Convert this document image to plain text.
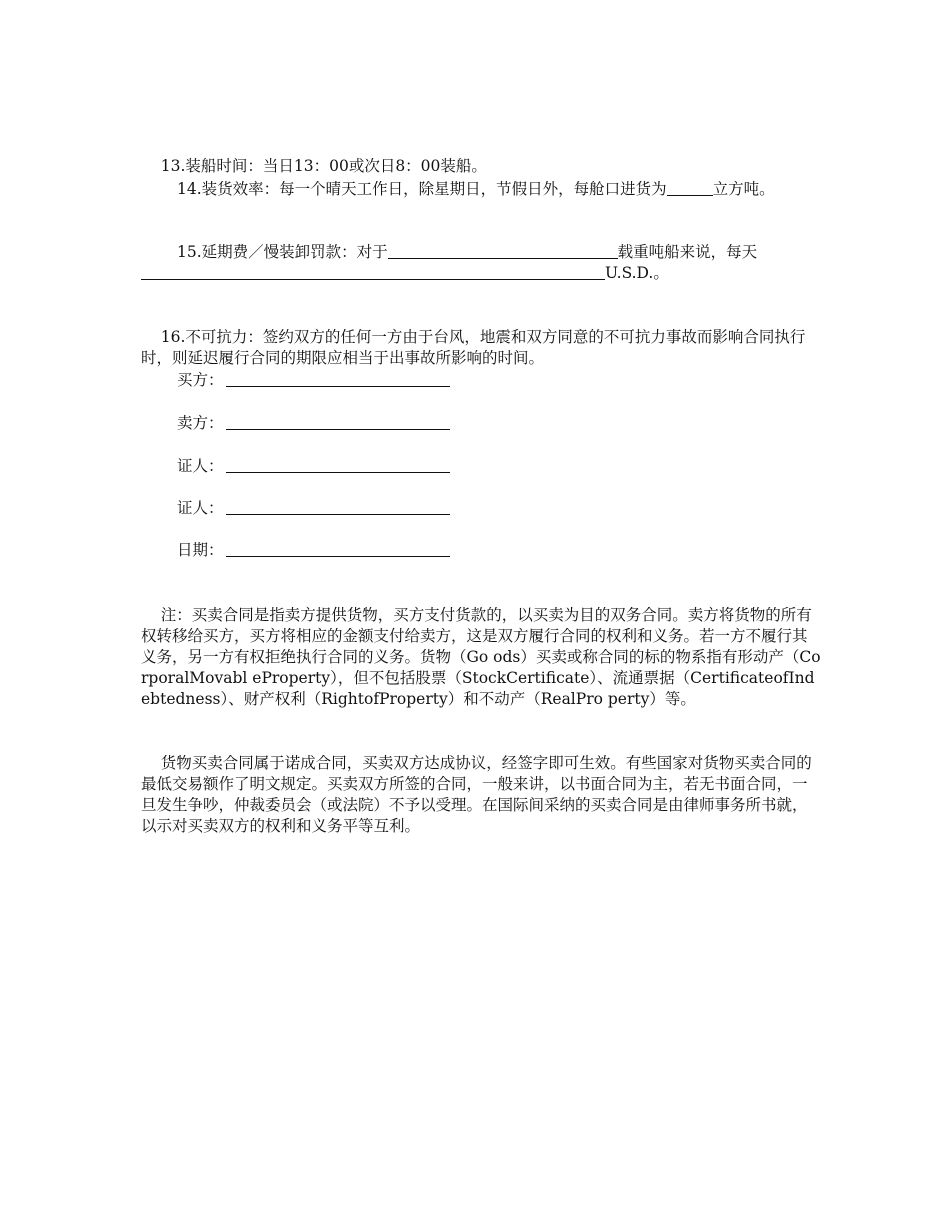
13.装船时间：当日13：00或次日8：00装船。

14.装货效率：每一个晴天工作日，除星期日，节假日外，每舱口进货为	立方吨。
15.延期费／慢装卸罚款：对于	载重吨船来说，每天U.S.D.。

16.不可抗力：签约双方的任何一方由于台风，地震和双方同意的不可抗力事故而影响合同执行时，则延迟履行合同的期限应相当于出事故所影响的时间。

买方：
卖方：
证人：
证人：
日期：

注：买卖合同是指卖方提供货物，买方支付货款的，以买卖为目的双务合同。卖方将货物的所有权转移给买方，买方将相应的金额支付给卖方，这是双方履行合同的权利和义务。若一方不履行其义务，另一方有权拒绝执行合同的义务。货物（Go ods）买卖或称合同的标的物系指有形动产（CorporalMovabl eProperty），但不包括股票（StockCertificate）、流通票据（CertificateofIndebtedness）、财产权利（RightofProperty）和不动产（RealPro perty）等。

货物买卖合同属于诺成合同，买卖双方达成协议，经签字即可生效。有些国家对货物买卖合同的最低交易额作了明文规定。买卖双方所签的合同，一般来讲，以书面合同为主，若无书面合同，一旦发生争吵，仲裁委员会（或法院）不予以受理。在国际间采纳的买卖合同是由律师事务所书就，以示对买卖双方的权利和义务平等互利。
